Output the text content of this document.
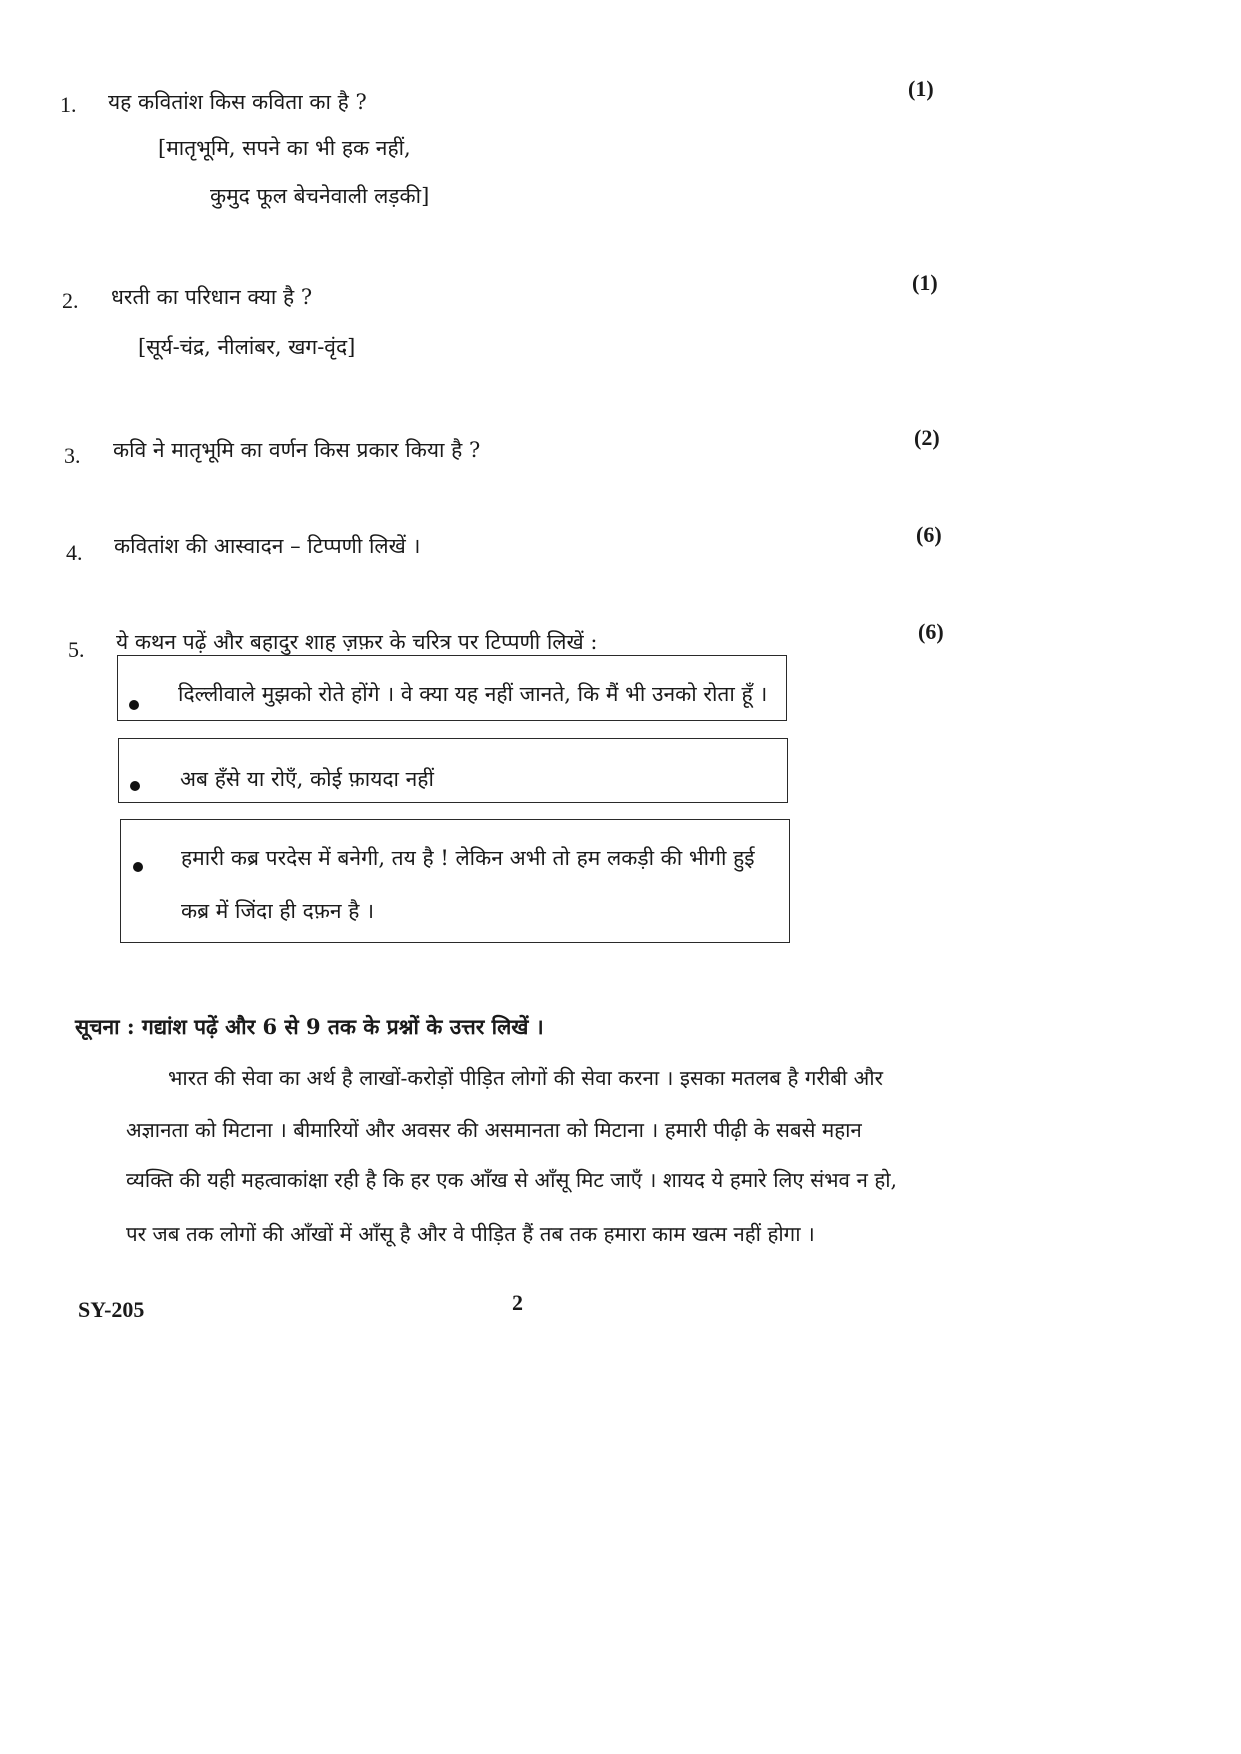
1. यह कवितांश किस कविता का है ?
(1)
[मातृभूमि, सपने का भी हक नहीं,
कुमुद फूल बेचनेवाली लड़की]
2. धरती का परिधान क्या है ?
(1)
[सूर्य-चंद्र, नीलांबर, खग-वृंद]
3. कवि ने मातृभूमि का वर्णन किस प्रकार किया है ?	(2)
4. कवितांश की आस्वादन – टिप्पणी लिखें ।	(6)
5. ये कथन पढ़ें और बहादुर शाह ज़फ़र के चरित्र पर टिप्पणी लिखें :	(6)
दिल्लीवाले मुझको रोते होंगे । वे क्या यह नहीं जानते, कि मैं भी उनको रोता हूँ ।
अब हँसे या रोएँ, कोई फ़ायदा नहीं
हमारी कब्र परदेस में बनेगी, तय है ! लेकिन अभी तो हम लकड़ी की भीगी हुई
कब्र में जिंदा ही दफ़न है ।
सूचना : गद्यांश पढ़ें और 6 से 9 तक के प्रश्नों के उत्तर लिखें ।
भारत की सेवा का अर्थ है लाखों-करोड़ों पीड़ित लोगों की सेवा करना । इसका मतलब है गरीबी और
अज्ञानता को मिटाना । बीमारियों और अवसर की असमानता को मिटाना । हमारी पीढ़ी के सबसे महान
व्यक्ति की यही महत्वाकांक्षा रही है कि हर एक आँख से आँसू मिट जाएँ । शायद ये हमारे लिए संभव न हो,
पर जब तक लोगों की आँखों में आँसू है और वे पीड़ित हैं तब तक हमारा काम खत्म नहीं होगा ।
SY-205	2
